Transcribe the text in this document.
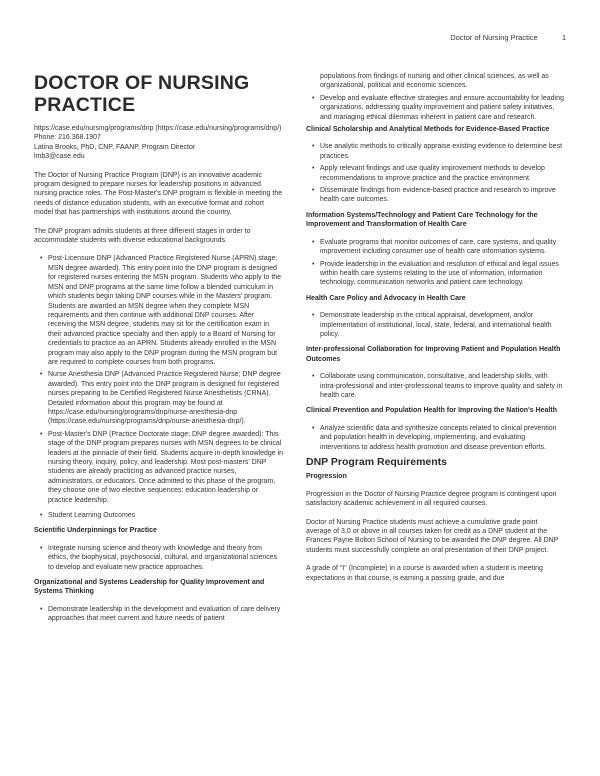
Doctor of Nursing Practice	1
DOCTOR OF NURSING PRACTICE

https://case.edu/nursing/programs/dnp (https://case.edu/nursing/programs/dnp/)

Phone: 216.368.1907

Latina Brooks, PhD, CNP, FAANP, Program Director

lmb3@case.edu

The Doctor of Nursing Practice Program (DNP) is an innovative academic program designed to prepare nurses for leadership positions in advanced nursing practice roles. The Post-Master's DNP program is flexible in meeting the needs of distance education students, with an executive format and cohort model that has partnerships with institutions around the country.

The DNP program admits students at three different stages in order to accommodate students with diverse educational backgrounds.

• Post-Licensure DNP (Advanced Practice Registered Nurse (APRN) stage: MSN degree awarded). This entry point into the DNP program is designed for registered nurses entering the MSN program. Students who apply to the MSN and DNP programs at the same time follow a blended curriculum in which students begin taking DNP courses while in the Masters' program. Students are awarded an MSN degree when they complete MSN requirements and then continue with additional DNP courses. After receiving the MSN degree, students may sit for the certification exam in their advanced practice specialty and then apply to a Board of Nursing for credentials to practice as an APRN. Students already enrolled in the MSN program may also apply to the DNP program during the MSN program but are required to complete courses from both programs.
• Nurse Anesthesia DNP (Advanced Practice Registered Nurse; DNP degree awarded). This entry point into the DNP program is designed for registered nurses preparing to be Certified Registered Nurse Anesthetists (CRNA). Detailed information about this program may be found at https://case.edu/nursing/programs/dnp/nurse-anesthesia-dnp (https://case.edu/nursing/programs/dnp/nurse-anesthesia-dnp/).
• Post-Master's DNP (Practice Doctorate stage; DNP degree awarded): This stage of the DNP program prepares nurses with MSN degrees to be clinical leaders at the pinnacle of their field. Students acquire in-depth knowledge in nursing theory, inquiry, policy, and leadership. Most post-masters' DNP students are already practicing as advanced practice nurses, administrators, or educators. Once admitted to this phase of the program, they choose one of two elective sequences: education leadership or practice leadership.
• Student Learning Outcomes
Scientific Underpinnings for Practice
• Integrate nursing science and theory with knowledge and theory from ethics, the biophysical, psychosocial, cultural, and organizational sciences to develop and evaluate new practice approaches.
Organizational and Systems Leadership for Quality Improvement and Systems Thinking
• Demonstrate leadership in the development and evaluation of care delivery approaches that meet current and future needs of patient
populations from findings of nursing and other clinical sciences, as well as organizational, political and economic sciences.
• Develop and evaluate effective strategies and ensure accountability for leading organizations, addressing quality improvement and patient safety initiatives, and managing ethical dilemmas inherent in patient care and research.
Clinical Scholarship and Analytical Methods for Evidence-Based Practice
• Use analytic methods to critically appraise existing evidence to determine best practices.
• Apply relevant findings and use quality improvement methods to develop recommendations to improve practice and the practice environment.
• Disseminate findings from evidence-based practice and research to improve health care outcomes.
Information Systems/Technology and Patient Care Technology for the Improvement and Transformation of Health Care
• Evaluate programs that monitor outcomes of care, care systems, and quality improvement including consumer use of health care information systems.
• Provide leadership in the evaluation and resolution of ethical and legal issues within health care systems relating to the use of information, information technology, communication networks and patient care technology.
Health Care Policy and Advocacy in Health Care
• Demonstrate leadership in the critical appraisal, development, and/or implementation of institutional, local, state, federal, and international health policy.
Inter-professional Collaboration for Improving Patient and Population Health Outcomes
• Collaborate using communication, consultative, and leadership skills, with intra-professional and inter-professional teams to improve quality and safety in health care.
Clinical Prevention and Population Health for Improving the Nation's Health
• Analyze scientific data and synthesize concepts related to clinical prevention and population health in developing, implementing, and evaluating interventions to address health promotion and disease prevention efforts.
DNP Program Requirements
Progression

Progression in the Doctor of Nursing Practice degree program is contingent upon satisfactory academic achievement in all required courses.

Doctor of Nursing Practice students must achieve a cumulative grade point average of 3.0 or above in all courses taken for credit as a DNP student at the Frances Payne Bolton School of Nursing to be awarded the DNP degree. All DNP students must successfully complete an oral presentation of their DNP project.

A grade of "I" (Incomplete) in a course is awarded when a student is meeting expectations in that course, is earning a passing grade, and due
